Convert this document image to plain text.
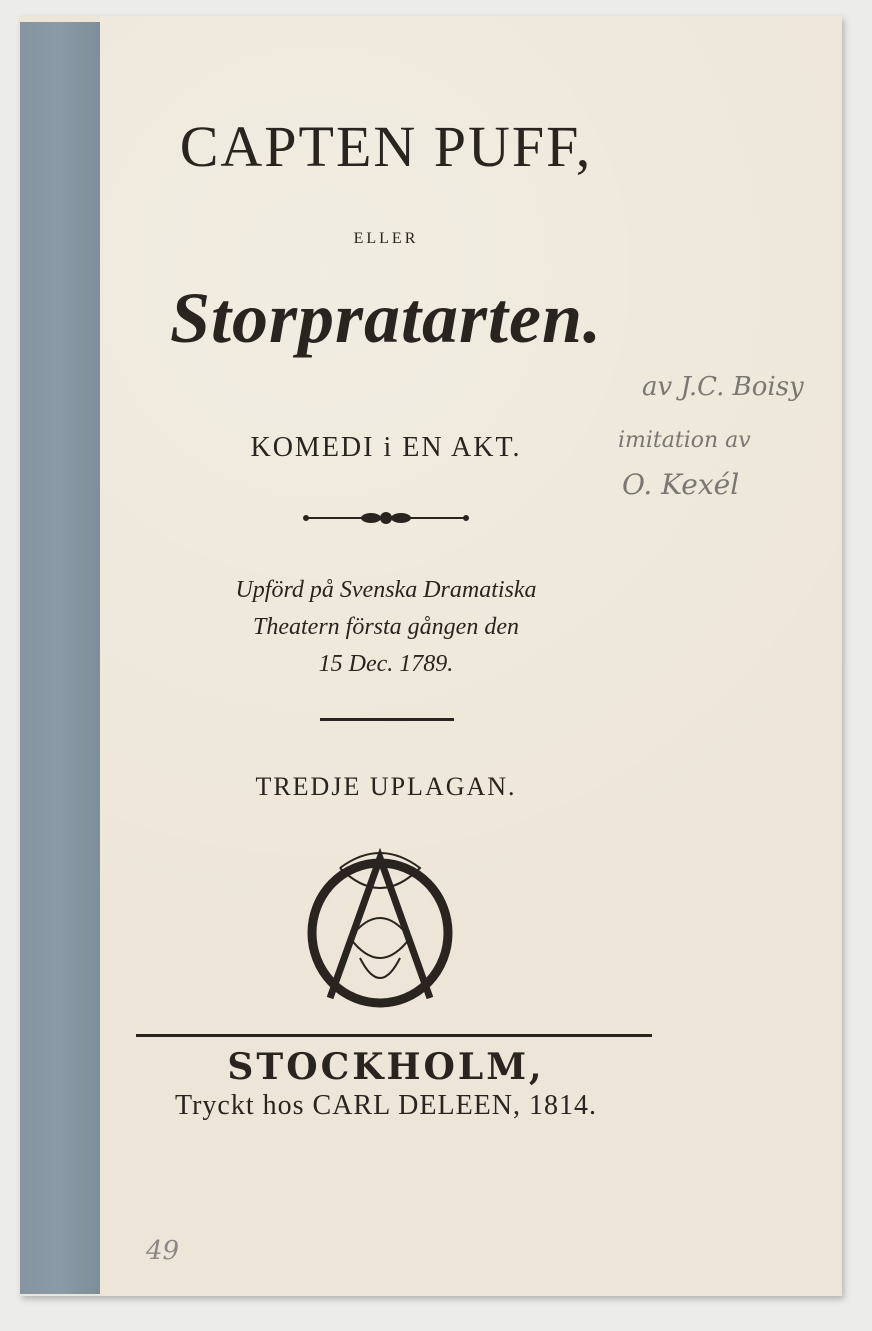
CAPTEN PUFF,
ELLER
Storpratarten.
KOMEDI i EN AKT.
Upförd på Svenska Dramatiska
Theatern första gången den
15 Dec. 1789.
TREDJE UPLAGAN.
STOCKHOLM,
Tryckt hos CARL DELEEN, 1814.
av J.C. Boisy
imitation av
O. Kexél
49
